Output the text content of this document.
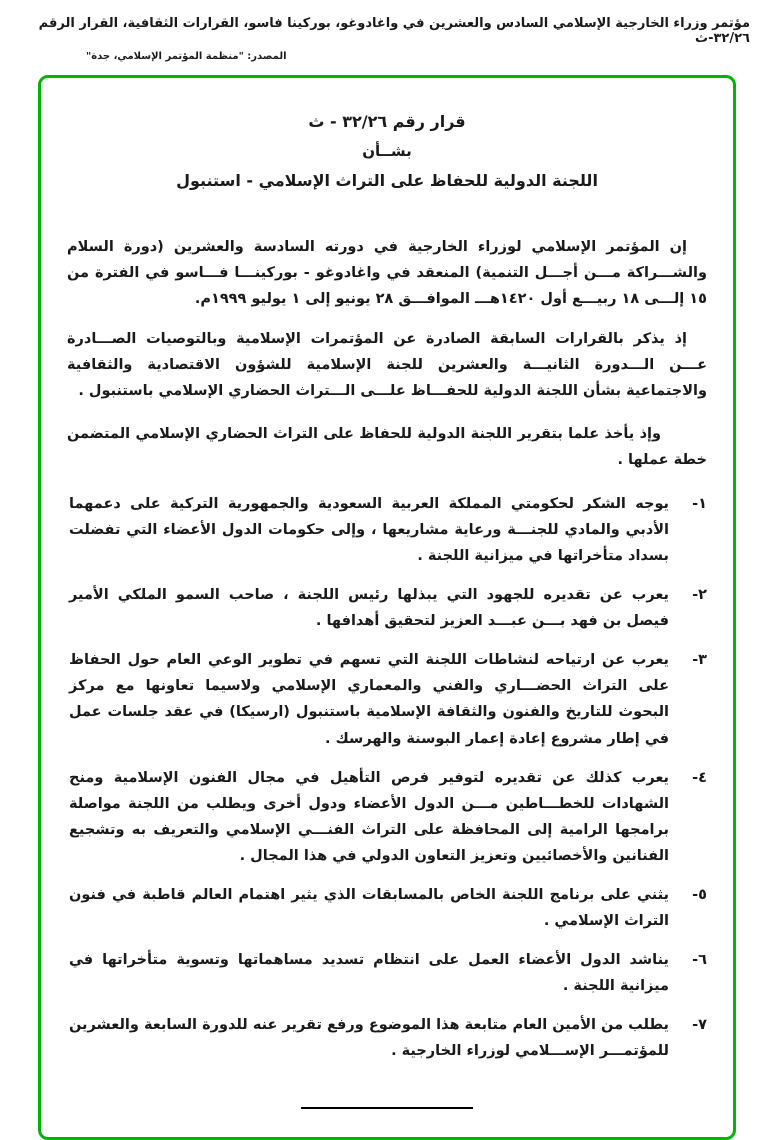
مؤتمر وزراء الخارجية الإسلامي السادس والعشرين في واغادوغو، بوركينا فاسو، القرارات الثقافية، القرار الرقم ٣٢/٢٦-ث
المصدر: "منظمة المؤتمر الإسلامي، جدة"
قرار رقم ٣٢/٢٦ - ث
بشــأن
اللجنة الدولية للحفاظ على التراث الإسلامي - استنبول

إن المؤتمر الإسلامي لوزراء الخارجية في دورته السادسة والعشرين (دورة السلام والشـــراكة مـــن أجـــل التنمية) المنعقد في واغادوغو - بوركينـــا فـــاسو في الفترة من ١٥ إلـــى ١٨ ربيـــع أول ١٤٢٠هـــ الموافـــق ٢٨ يونيو إلى ١ يوليو ١٩٩٩م.

إذ يذكر بالقرارات السابقة الصادرة عن المؤتمرات الإسلامية وبالتوصيات الصـــادرة عـــن الـــدورة الثانيـــة والعشرين للجنة الإسلامية للشؤون الاقتصادية والثقافية والاجتماعية بشأن اللجنة الدولية للحفـــاظ علـــى الـــتراث الحضاري الإسلامي باستنبول .

وإذ يأخذ علما بتقرير اللجنة الدولية للحفاظ على التراث الحضاري الإسلامي المتضمن خطة عملها .

١-
يوجه الشكر لحكومتي المملكة العربية السعودية والجمهورية التركية على دعمهما الأدبي والمادي للجنـــة ورعاية مشاريعها ، وإلى حكومات الدول الأعضاء التي تفضلت بسداد متأخراتها في ميزانية اللجنة .
٢-
يعرب عن تقديره للجهود التي يبذلها رئيس اللجنة ، صاحب السمو الملكي الأمير فيصل بن فهد بـــن عبـــد العزيز لتحقيق أهدافها .
٣-
يعرب عن ارتياحه لنشاطات اللجنة التي تسهم في تطوير الوعي العام حول الحفاظ على التراث الحضـــاري والفني والمعماري الإسلامي ولاسيما تعاونها مع مركز البحوث للتاريخ والفنون والثقافة الإسلامية باستنبول (ارسيكا) في عقد جلسات عمل في إطار مشروع إعادة إعمار البوسنة والهرسك .
٤-
يعرب كذلك عن تقديره لتوفير فرص التأهيل في مجال الفنون الإسلامية ومنح الشهادات للخطـــاطين مـــن الدول الأعضاء ودول أخرى ويطلب من اللجنة مواصلة برامجها الرامية إلى المحافظة على التراث الفنـــي الإسلامي والتعريف به وتشجيع الفنانين والأخصائيين وتعزيز التعاون الدولي في هذا المجال .
٥-
يثني على برنامج اللجنة الخاص بالمسابقات الذي يثير اهتمام العالم قاطبة في فنون التراث الإسلامي .
٦-
يناشد الدول الأعضاء العمل على انتظام تسديد مساهماتها وتسوية متأخراتها في ميزانية اللجنة .
٧-
يطلب من الأمين العام متابعة هذا الموضوع ورفع تقرير عنه للدورة السابعة والعشرين للمؤتمـــر الإســـلامي لوزراء الخارجية .
